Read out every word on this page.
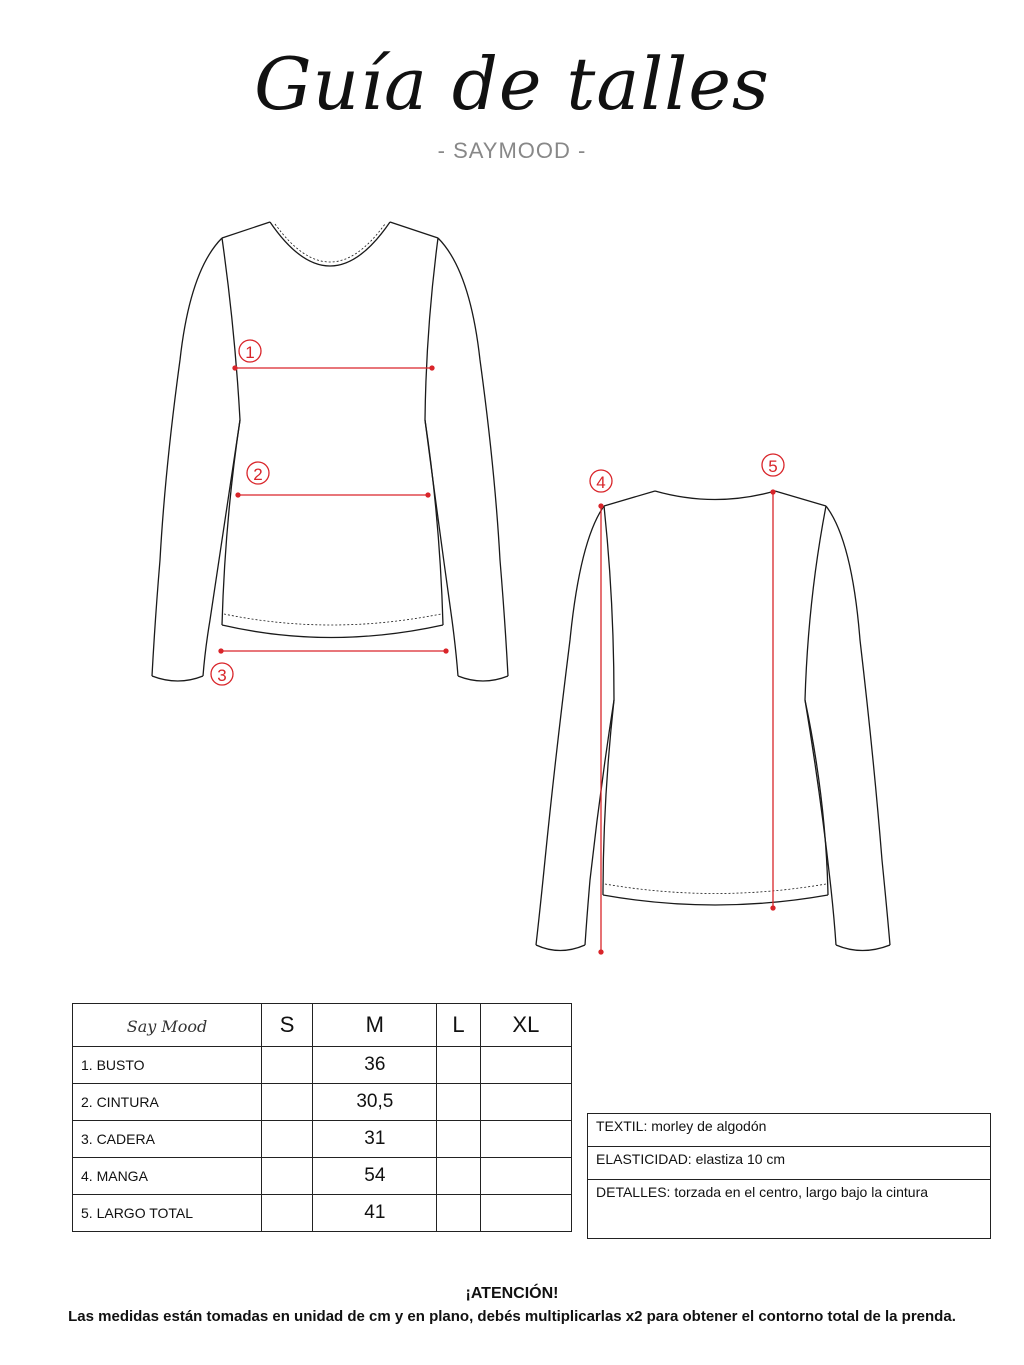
Guía de talles
- SAYMOOD -
1
2
3
4
5
Say Mood	S	M	L	XL
1. BUSTO		36		
2. CINTURA		30,5		
3. CADERA		31		
4. MANGA		54		
5. LARGO TOTAL		41		
TEXTIL: morley de algodón
ELASTICIDAD: elastiza 10 cm
DETALLES: torzada en el centro, largo bajo la cintura
¡ATENCIÓN!
Las medidas están tomadas en unidad de cm y en plano, debés multiplicarlas x2 para obtener el contorno total de la prenda.
